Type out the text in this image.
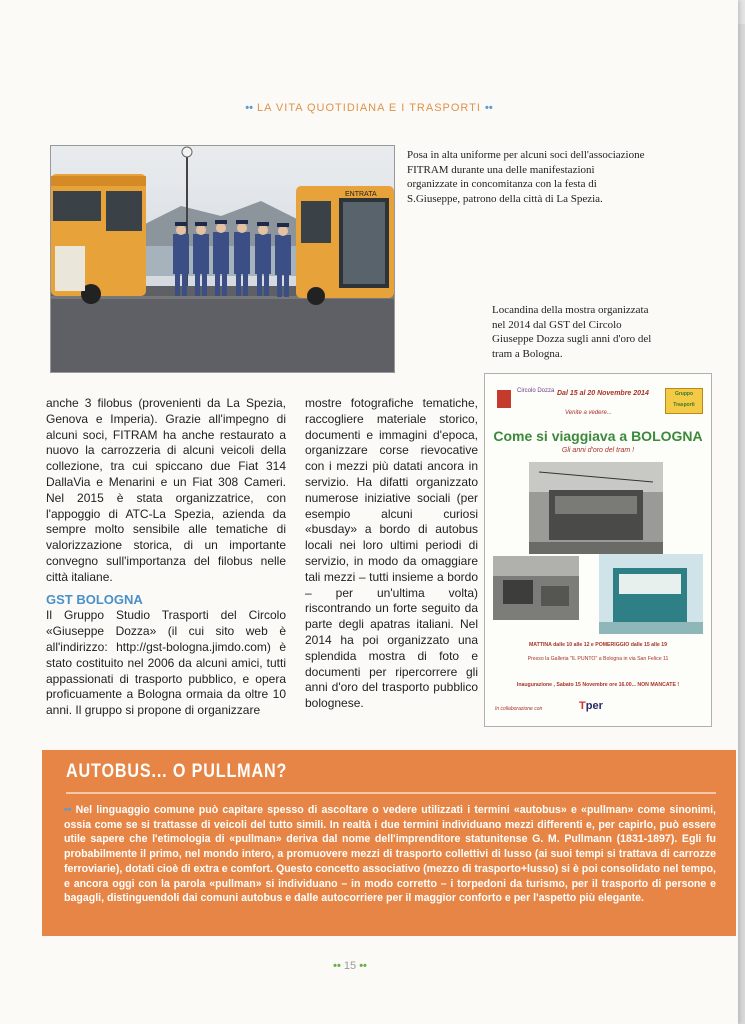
•• LA VITA QUOTIDIANA E I TRASPORTI ••
ENTRATA
Posa in alta uniforme per alcuni soci dell'associazione FITRAM durante una delle manifestazioni organizzate in concomitanza con la festa di S.Giuseppe, patrono della città di La Spezia.
Locandina della mostra organizzata nel 2014 dal GST del Circolo Giuseppe Dozza sugli anni d'oro del tram a Bologna.
anche 3 filobus (provenienti da La Spezia, Genova e Imperia). Grazie all'impegno di alcuni soci, FITRAM ha anche restaurato a nuovo la carrozzeria di alcuni veicoli della collezione, tra cui spiccano due Fiat 314 DallaVia e Menarini e un Fiat 308 Cameri. Nel 2015 è stata organizzatrice, con l'appoggio di ATC-La Spezia, azienda da sempre molto sensibile alle tematiche di valorizzazione storica, di un importante convegno sull'importanza del filobus nelle città italiane.
GST BOLOGNA
Il Gruppo Studio Trasporti del Circolo «Giuseppe Dozza» (il cui sito web è all'indirizzo: http://gst-bologna.jimdo.com) è stato costituito nel 2006 da alcuni amici, tutti appassionati di trasporto pubblico, e opera proficuamente a Bologna ormaia da oltre 10 anni. Il gruppo si propone di organizzare
mostre fotografiche tematiche, raccogliere materiale storico, documenti e immagini d'epoca, organizzare corse rievocative con i mezzi più datati ancora in servizio. Ha difatti organizzato numerose iniziative sociali (per esempio alcuni curiosi «busday» a bordo di autobus locali nei loro ultimi periodi di servizio, in modo da omaggiare tali mezzi – tutti insieme a bordo – per un'ultima volta) riscontrando un forte seguito da parte degli apatras italiani. Nel 2014 ha poi organizzato una splendida mostra di foto e documenti per ripercorrere gli anni d'oro del trasporto pubblico bolognese.
Circolo Dozza Dal 15 al 20 Novembre 2014
Venite a vedere...
Gruppo Trasporti
Come si viaggiava a BOLOGNA
Gli anni d'oro del tram !
MATTINA dalle 10 alle 12 e POMERIGGIO dalle 15 alle 19
Presso la Galleria "IL PUNTO" a Bologna in via San Felice 11
Inaugurazione , Sabato 15 Novembre ore 16.00... NON MANCATE !
In collaborazione con	Tper
AUTOBUS... O PULLMAN?
•• Nel linguaggio comune può capitare spesso di ascoltare o vedere utilizzati i termini «autobus» e «pullman» come sinonimi, ossia come se si trattasse di veicoli del tutto simili. In realtà i due termini individuano mezzi differenti e, per capirlo, può essere utile sapere che l'etimologia di «pullman» deriva dal nome dell'imprenditore statunitense G. M. Pullmann (1831-1897). Egli fu probabilmente il primo, nel mondo intero, a promuovere mezzi di trasporto collettivi di lusso (ai suoi tempi si trattava di carrozze ferroviarie), dotati cioè di extra e comfort. Questo concetto associativo (mezzo di trasporto+lusso) si è poi consolidato nel tempo, e ancora oggi con la parola «pullman» si individuano – in modo corretto – i torpedoni da turismo, per il trasporto di persone e bagagli, distinguendoli dai comuni autobus e dalle autocorriere per il maggior conforto e per l'aspetto più elegante.
•• 15 ••
